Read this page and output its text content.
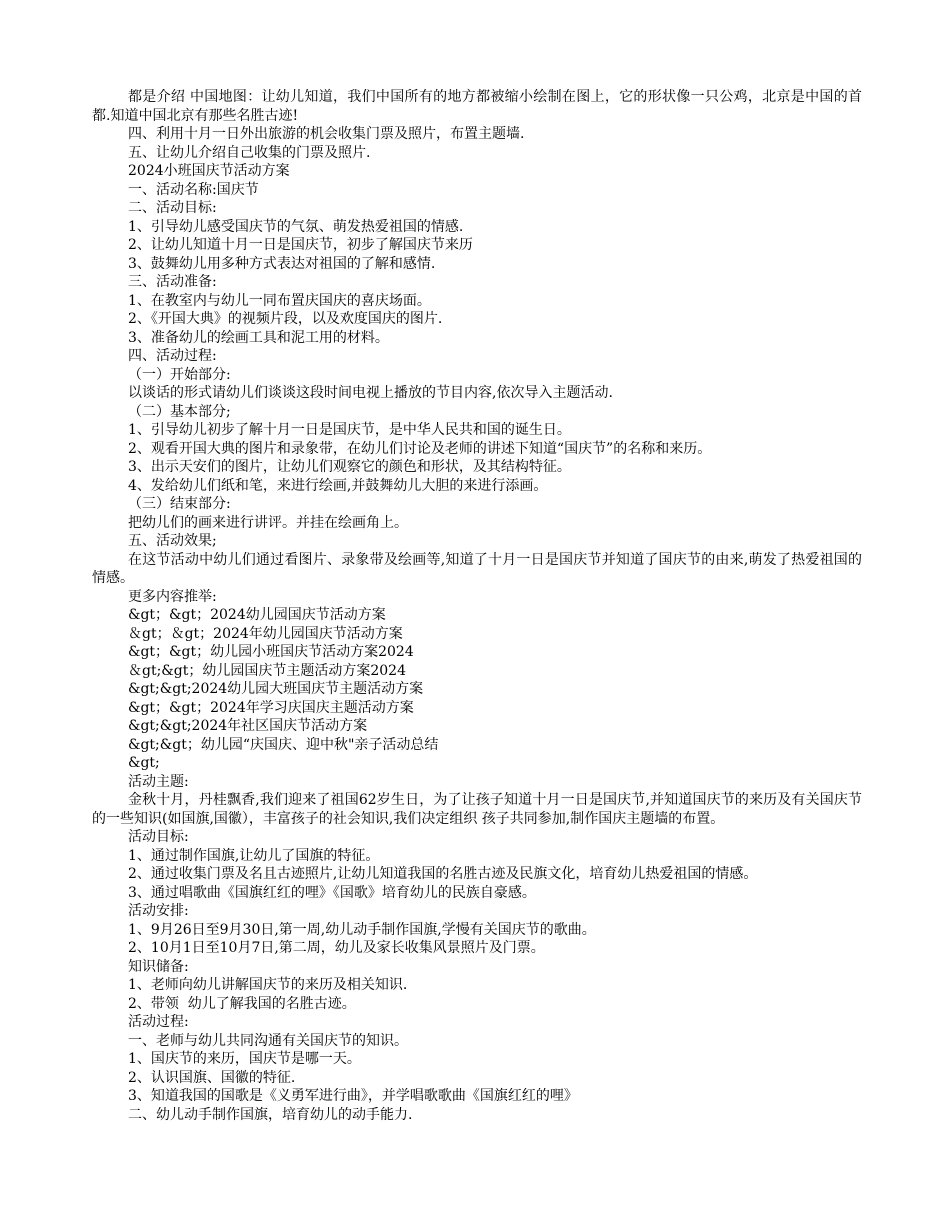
都是介绍 中国地图：让幼儿知道，我们中国所有的地方都被缩小绘制在图上，它的形状像一只公鸡，北京是中国的首都.知道中国北京有那些名胜古迹!

四、利用十月一日外出旅游的机会收集门票及照片，布置主题墙.

五、让幼儿介绍自己收集的门票及照片.

2024小班国庆节活动方案

一、活动名称:国庆节

二、活动目标:

1、引导幼儿感受国庆节的气氛、萌发热爱祖国的情感.

2、让幼儿知道十月一日是国庆节，初步了解国庆节来历

3、鼓舞幼儿用多种方式表达对祖国的了解和感情.

三、活动准备:

1、在教室内与幼儿一同布置庆国庆的喜庆场面。

2、《开国大典》的视频片段，以及欢度国庆的图片.

3、准备幼儿的绘画工具和泥工用的材料。

四、活动过程:

（一）开始部分:

以谈话的形式请幼儿们谈谈这段时间电视上播放的节目内容,依次导入主题活动.

（二）基本部分;

1、引导幼儿初步了解十月一日是国庆节，是中华人民共和国的诞生日。

2、观看开国大典的图片和录象带，在幼儿们讨论及老师的讲述下知道“国庆节”的名称和来历。

3、出示天安们的图片，让幼儿们观察它的颜色和形状，及其结构特征。

4、发给幼儿们纸和笔，来进行绘画,并鼓舞幼儿大胆的来进行添画。

（三）结束部分:

把幼儿们的画来进行讲评。并挂在绘画角上。

五、活动效果;

在这节活动中幼儿们通过看图片、录象带及绘画等,知道了十月一日是国庆节并知道了国庆节的由来,萌发了热爱祖国的情感。

更多内容推举:

&gt；&gt；2024幼儿园国庆节活动方案

＆gt；＆gt；2024年幼儿园国庆节活动方案

&gt；&gt；幼儿园小班国庆节活动方案2024

＆gt;&gt；幼儿园国庆节主题活动方案2024

&gt;&gt;2024幼儿园大班国庆节主题活动方案

&gt；&gt；2024年学习庆国庆主题活动方案

&gt;&gt;2024年社区国庆节活动方案

&gt;&gt；幼儿园“庆国庆、迎中秋"亲子活动总结

&gt;

活动主题:

金秋十月，丹桂飘香,我们迎来了祖国62岁生日，为了让孩子知道十月一日是国庆节,并知道国庆节的来历及有关国庆节的一些知识(如国旗,国徽），丰富孩子的社会知识,我们决定组织 孩子共同参加,制作国庆主题墙的布置。

活动目标:

1、通过制作国旗,让幼儿了国旗的特征。

2、通过收集门票及名且古迹照片,让幼儿知道我国的名胜古迹及民旗文化，培育幼儿热爱祖国的情感。

3、通过唱歌曲《国旗红红的哩》《国歌》培育幼儿的民族自豪感。

活动安排:

1、9月26日至9月30日,第一周,幼儿动手制作国旗,学慢有关国庆节的歌曲。

2、10月1日至10月7日,第二周，幼儿及家长收集风景照片及门票。

知识储备:

1、老师向幼儿讲解国庆节的来历及相关知识.

2、带领  幼儿了解我国的名胜古迹。

活动过程:

一、老师与幼儿共同沟通有关国庆节的知识。

1、国庆节的来历，国庆节是哪一天。

2、认识国旗、国徽的特征.

3、知道我国的国歌是《义勇军进行曲》，并学唱歌歌曲《国旗红红的哩》

二、幼儿动手制作国旗，培育幼儿的动手能力.
